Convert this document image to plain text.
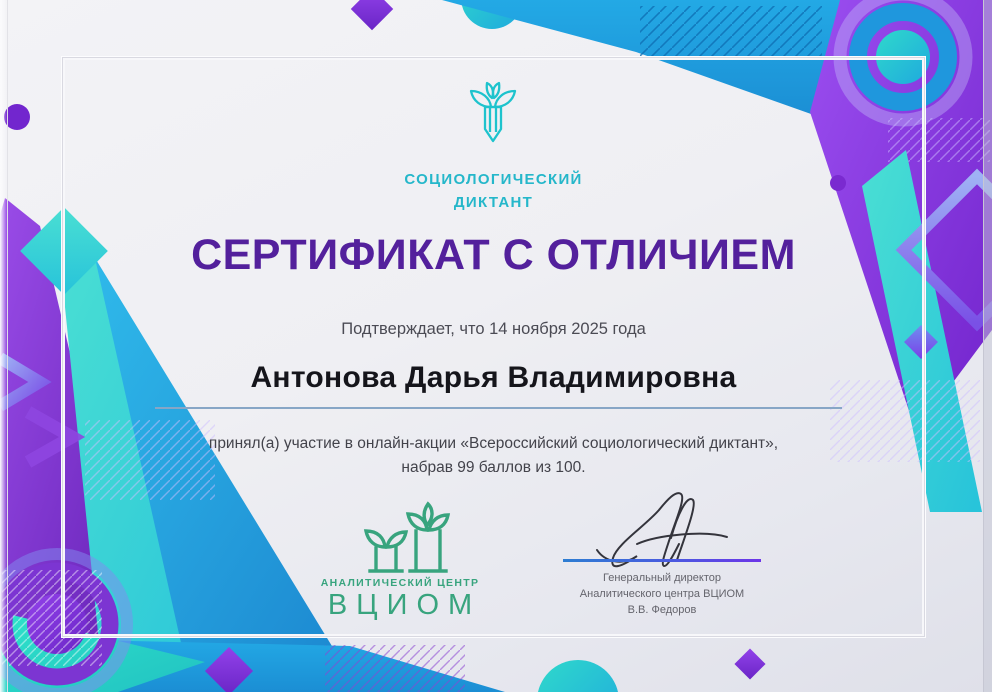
СОЦИОЛОГИЧЕСКИЙ
ДИКТАНТ
СЕРТИФИКАТ С ОТЛИЧИЕМ
Подтверждает, что 14 ноября 2025 года
Антонова Дарья Владимировна
принял(а) участие в онлайн-акции «Всероссийский социологический диктант»,
набрав 99 баллов из 100.
АНАЛИТИЧЕСКИЙ ЦЕНТР
ВЦИОМ
Генеральный директор
Аналитического центра ВЦИОМ
В.В. Федоров
